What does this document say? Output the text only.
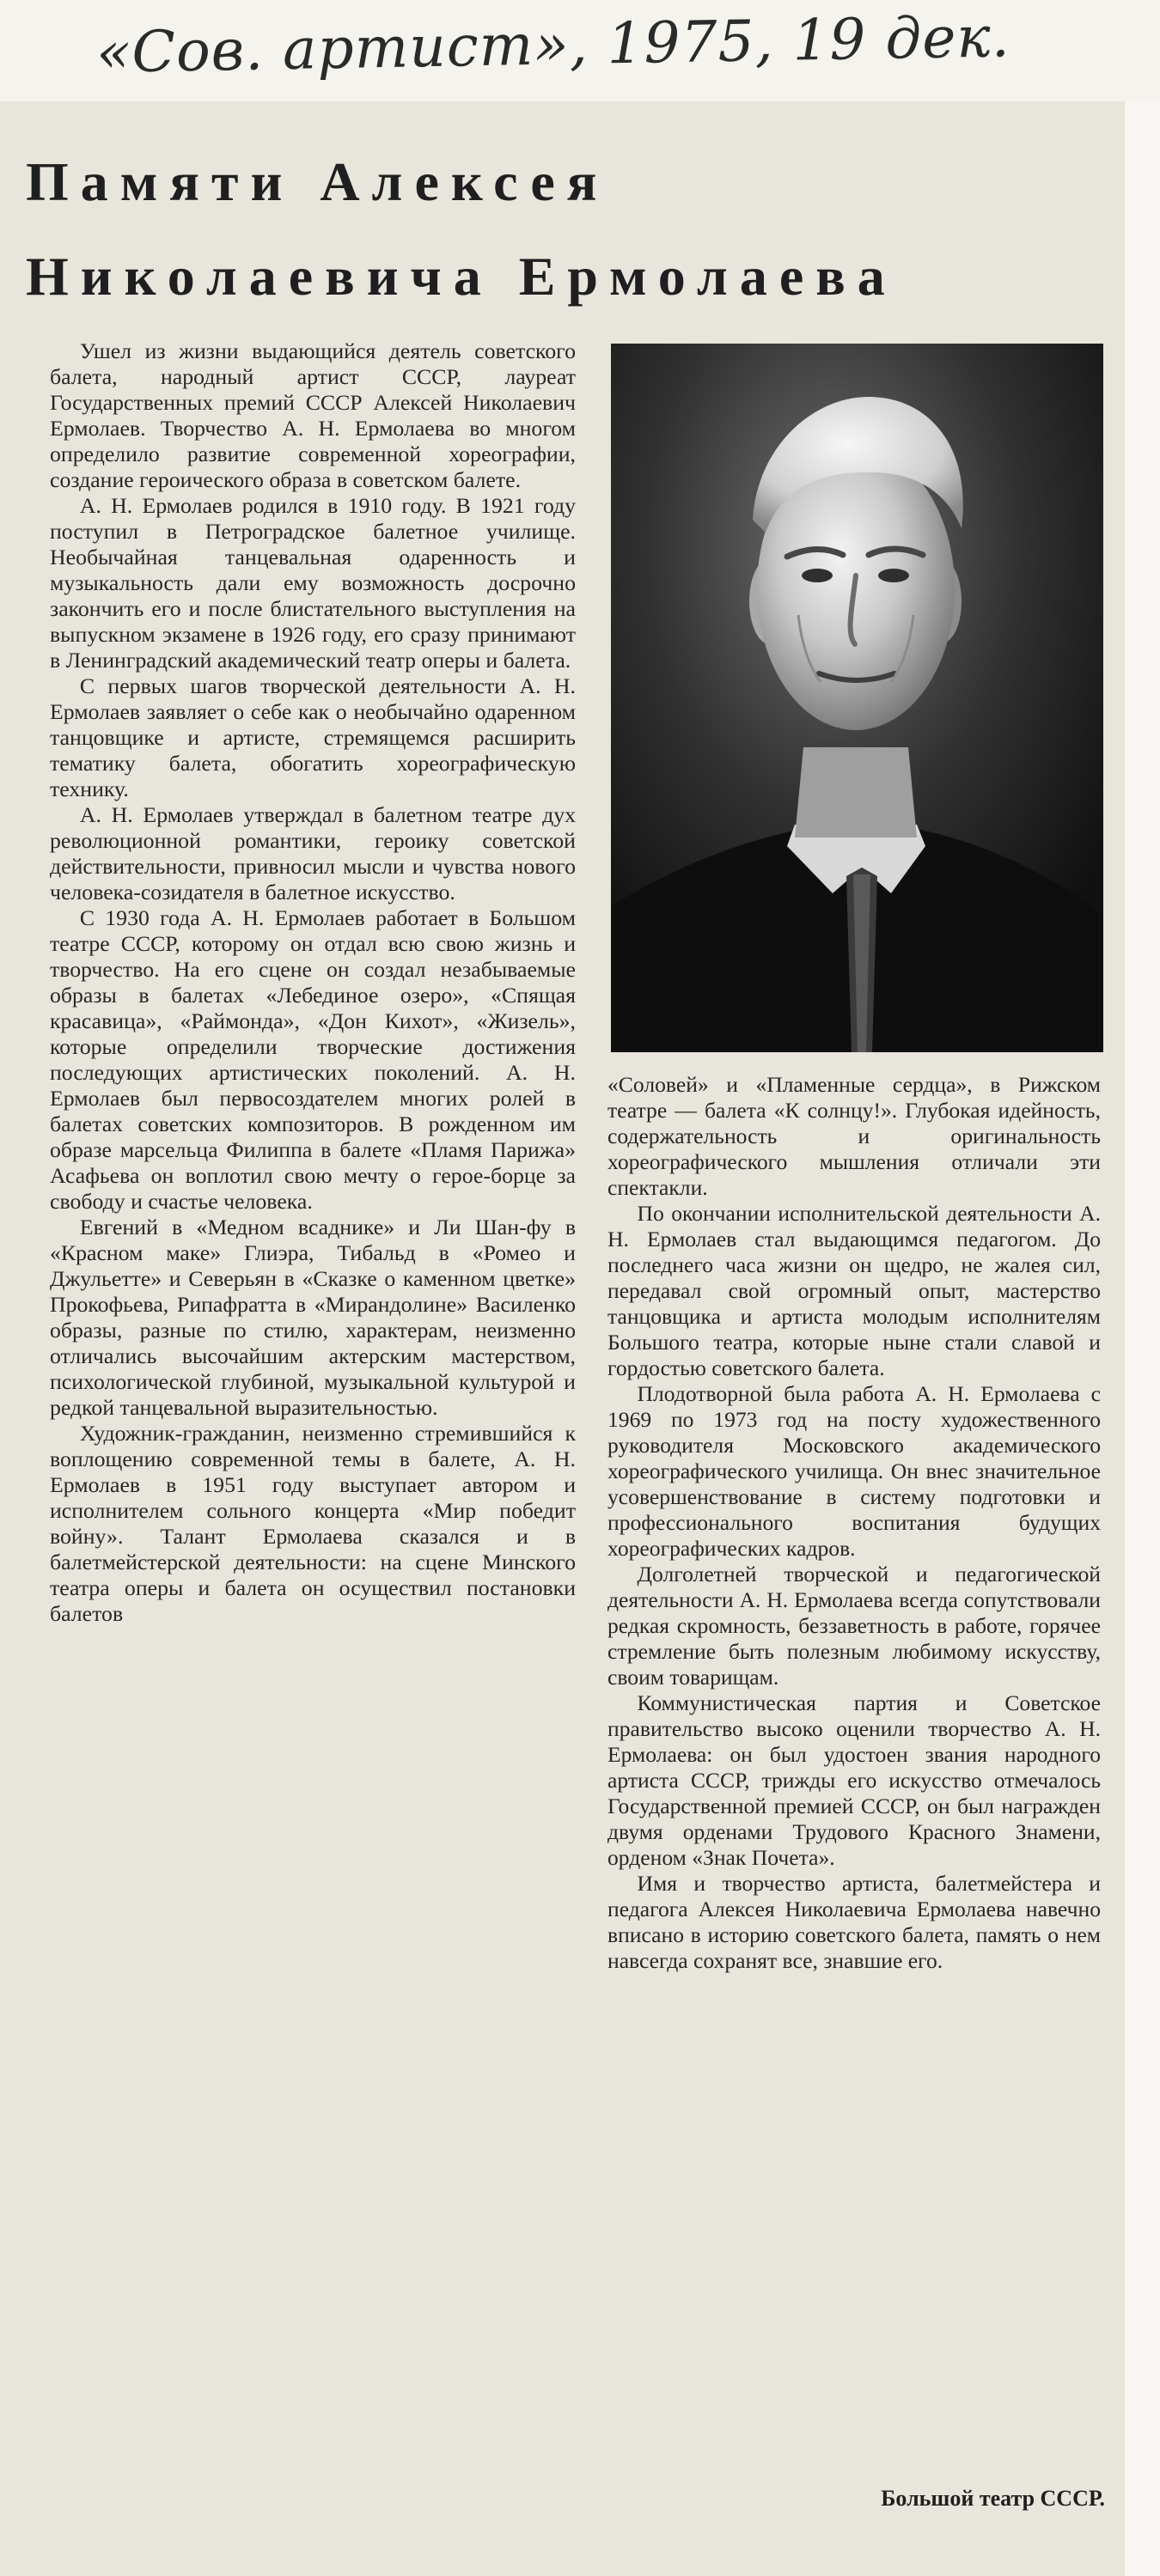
«Сов. артист», 1975, 19 дек.

Памяти Алексея
Николаевича Ермолаева

Ушел из жизни выдающийся деятель советского балета, народный артист СССР, лауреат Государственных премий СССР Алексей Николаевич Ермолаев. Творчество А. Н. Ермолаева во многом определило развитие современной хореографии, создание героического образа в советском балете.

А. Н. Ермолаев родился в 1910 году. В 1921 году поступил в Петроградское балетное училище. Необычайная танцевальная одаренность и музыкальность дали ему возможность досрочно закончить его и после блистательного выступления на выпускном экзамене в 1926 году, его сразу принимают в Ленинградский академический театр оперы и балета.

С первых шагов творческой деятельности А. Н. Ермолаев заявляет о себе как о необычайно одаренном танцовщике и артисте, стремящемся расширить тематику балета, обогатить хореографическую технику.

А. Н. Ермолаев утверждал в балетном театре дух революционной романтики, героику советской действительности, привносил мысли и чувства нового человека-созидателя в балетное искусство.

С 1930 года А. Н. Ермолаев работает в Большом театре СССР, которому он отдал всю свою жизнь и творчество. На его сцене он создал незабываемые образы в балетах «Лебединое озеро», «Спящая красавица», «Раймонда», «Дон Кихот», «Жизель», которые определили творческие достижения последующих артистических поколений. А. Н. Ермолаев был первосоздателем многих ролей в балетах советских композиторов. В рожденном им образе марсельца Филиппа в балете «Пламя Парижа» Асафьева он воплотил свою мечту о герое-борце за свободу и счастье человека.

Евгений в «Медном всаднике» и Ли Шан-фу в «Красном маке» Глиэра, Тибальд в «Ромео и Джульетте» и Северьян в «Сказке о каменном цветке» Прокофьева, Рипафратта в «Мирандолине» Василенко образы, разные по стилю, характерам, неизменно отличались высочайшим актерским мастерством, психологической глубиной, музыкальной культурой и редкой танцевальной выразительностью.

Художник-гражданин, неизменно стремившийся к воплощению современной темы в балете, А. Н. Ермолаев в 1951 году выступает автором и исполнителем сольного концерта «Мир победит войну». Талант Ермолаева сказался и в балетмейстерской деятельности: на сцене Минского театра оперы и балета он осуществил постановки балетов

«Соловей» и «Пламенные сердца», в Рижском театре — балета «К солнцу!». Глубокая идейность, содержательность и оригинальность хореографического мышления отличали эти спектакли.

По окончании исполнительской деятельности А. Н. Ермолаев стал выдающимся педагогом. До последнего часа жизни он щедро, не жалея сил, передавал свой огромный опыт, мастерство танцовщика и артиста молодым исполнителям Большого театра, которые ныне стали славой и гордостью советского балета.

Плодотворной была работа А. Н. Ермолаева с 1969 по 1973 год на посту художественного руководителя Московского академического хореографического училища. Он внес значительное усовершенствование в систему подготовки и профессионального воспитания будущих хореографических кадров.

Долголетней творческой и педагогической деятельности А. Н. Ермолаева всегда сопутствовали редкая скромность, беззаветность в работе, горячее стремление быть полезным любимому искусству, своим товарищам.

Коммунистическая партия и Советское правительство высоко оценили творчество А. Н. Ермолаева: он был удостоен звания народного артиста СССР, трижды его искусство отмечалось Государственной премией СССР, он был награжден двумя орденами Трудового Красного Знамени, орденом «Знак Почета».

Имя и творчество артиста, балетмейстера и педагога Алексея Николаевича Ермолаева навечно вписано в историю советского балета, память о нем навсегда сохранят все, знавшие его.

Большой театр СССР.
